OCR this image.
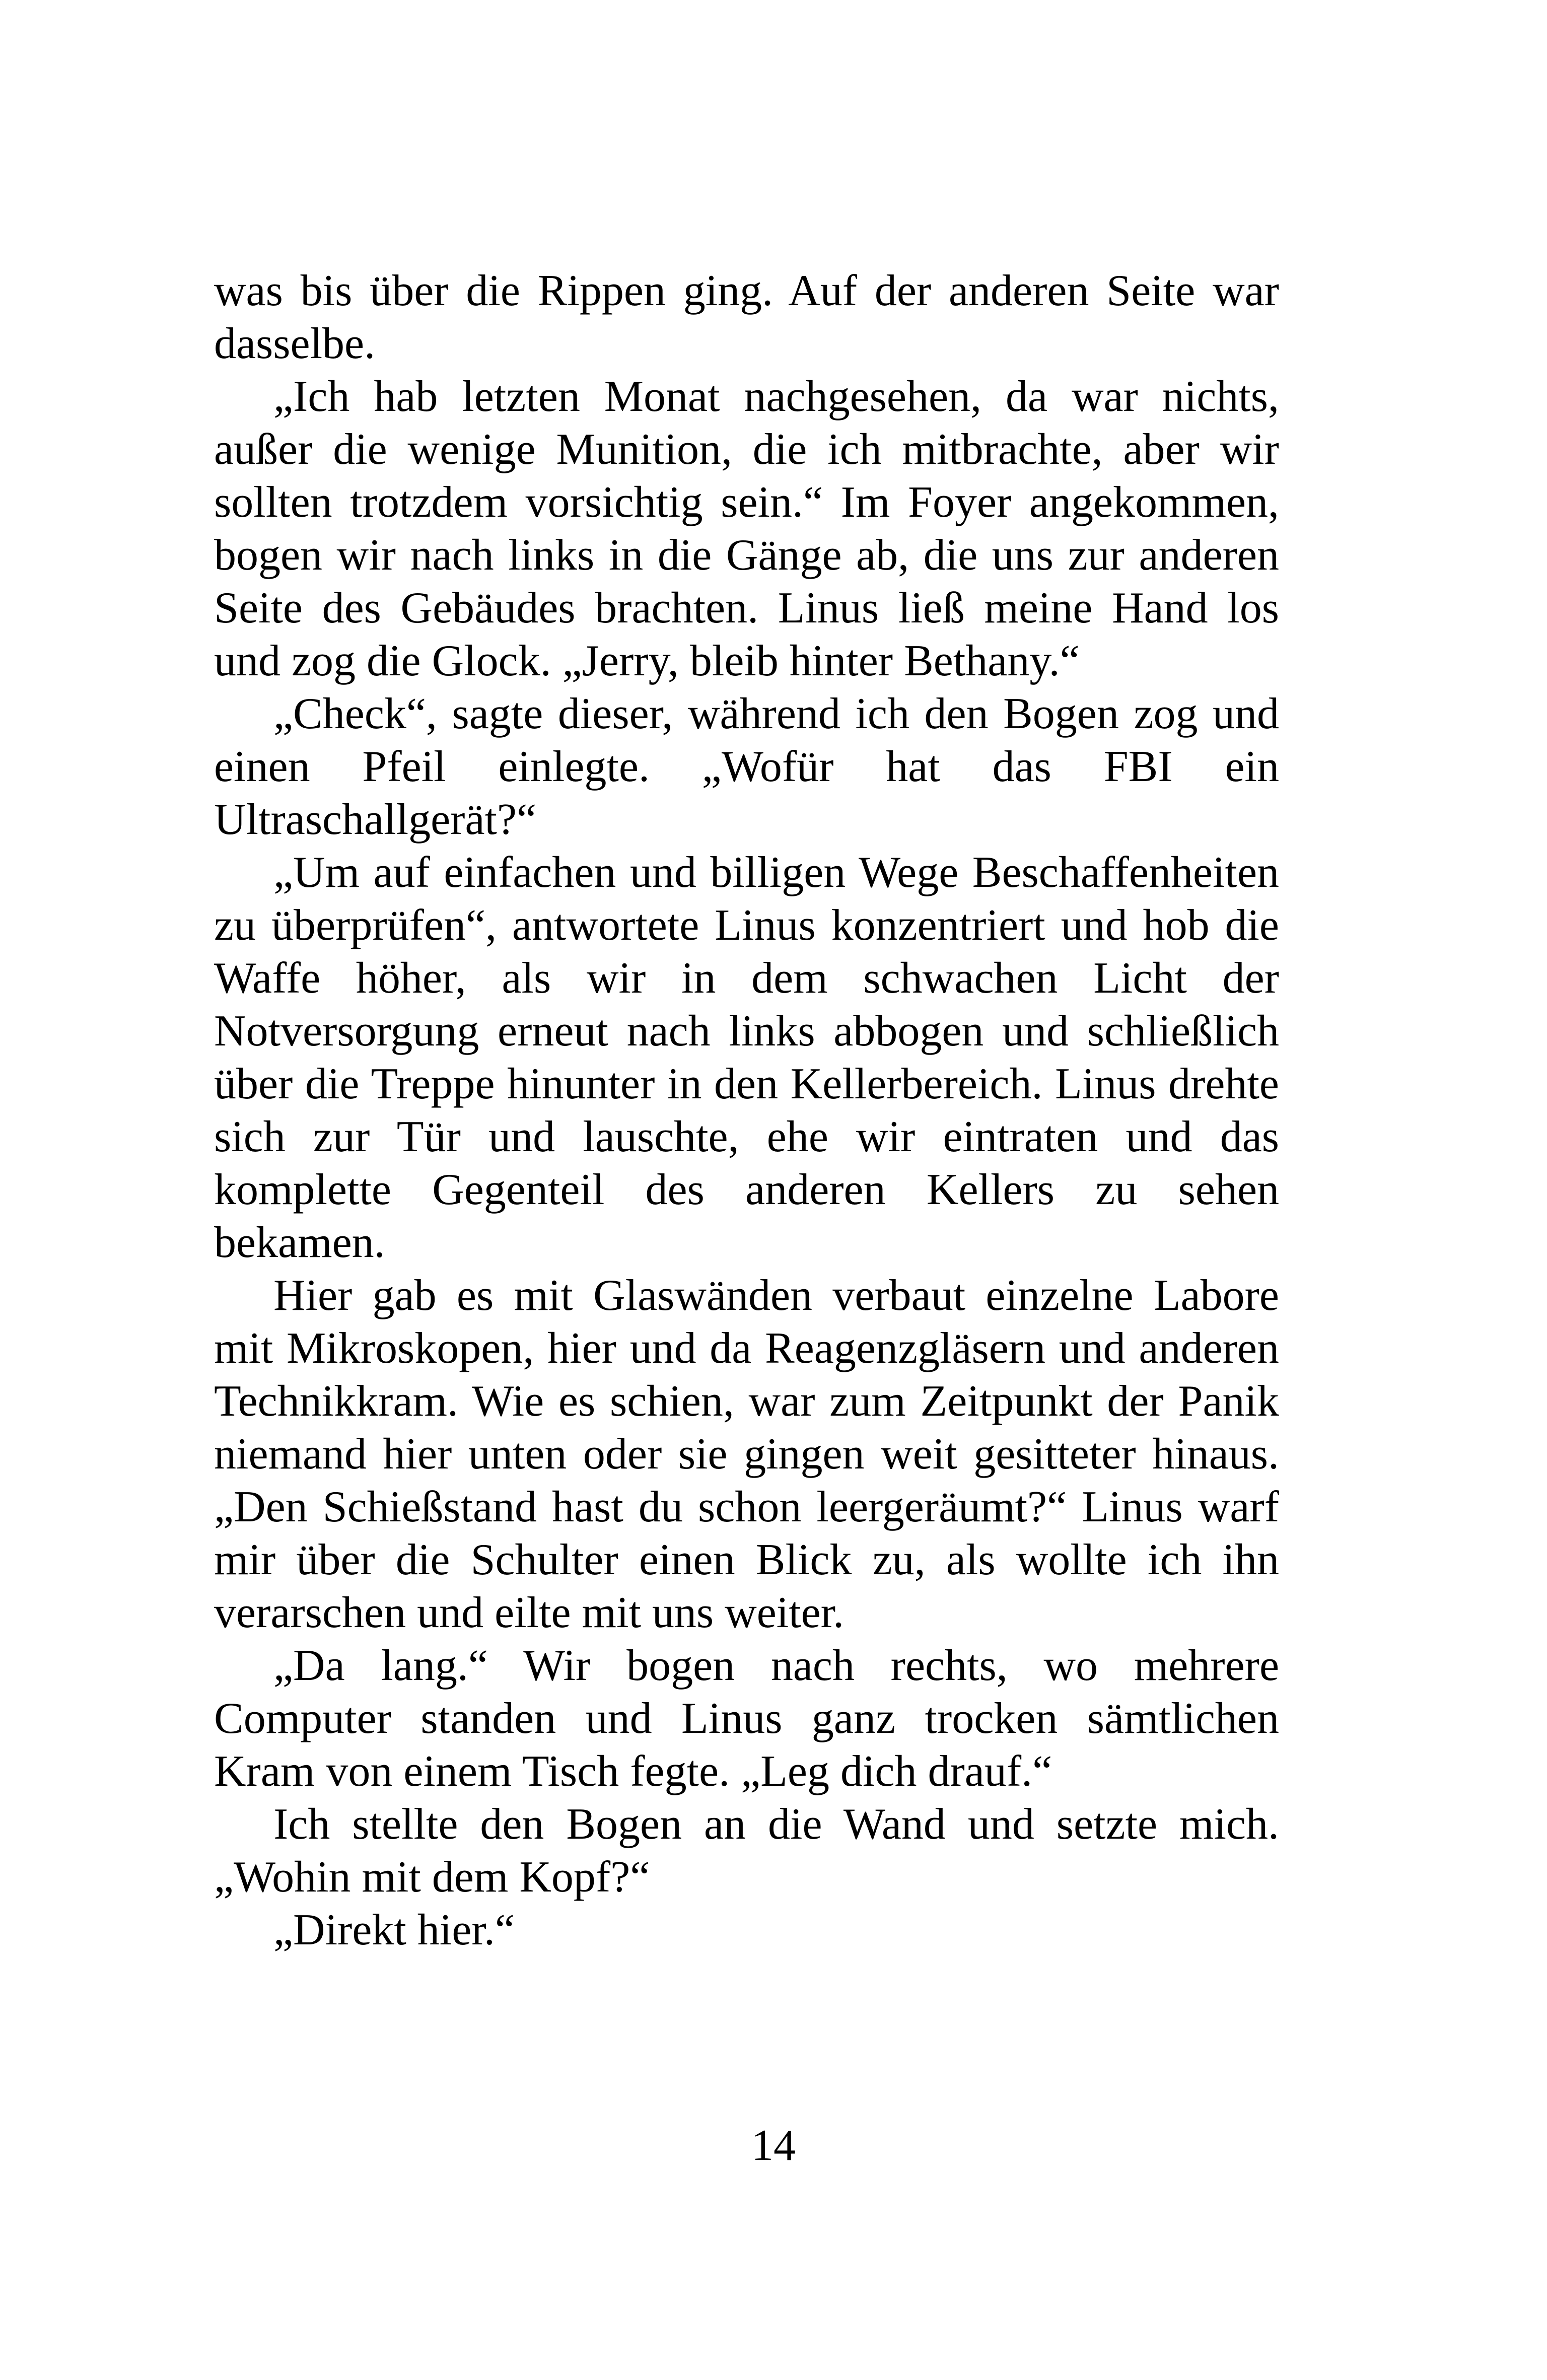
was bis über die Rippen ging. Auf der anderen Seite war dasselbe.

„Ich hab letzten Monat nachgesehen, da war nichts, außer die wenige Munition, die ich mitbrachte, aber wir sollten trotzdem vorsichtig sein.“ Im Foyer angekommen, bogen wir nach links in die Gänge ab, die uns zur anderen Seite des Gebäudes brachten. Linus ließ meine Hand los und zog die Glock. „Jerry, bleib hinter Bethany.“

„Check“, sagte dieser, während ich den Bogen zog und einen Pfeil einlegte. „Wofür hat das FBI ein Ultraschallgerät?“

„Um auf einfachen und billigen Wege Beschaffenheiten zu überprüfen“, antwortete Linus konzentriert und hob die Waffe höher, als wir in dem schwachen Licht der Notversorgung erneut nach links abbogen und schließlich über die Treppe hinunter in den Kellerbereich. Linus drehte sich zur Tür und lauschte, ehe wir eintraten und das komplette Gegenteil des anderen Kellers zu sehen bekamen.

Hier gab es mit Glaswänden verbaut einzelne Labore mit Mikroskopen, hier und da Reagenzgläsern und anderen Technikkram. Wie es schien, war zum Zeitpunkt der Panik niemand hier unten oder sie gingen weit gesitteter hinaus. „Den Schießstand hast du schon leergeräumt?“ Linus warf mir über die Schulter einen Blick zu, als wollte ich ihn verarschen und eilte mit uns weiter.

„Da lang.“ Wir bogen nach rechts, wo mehrere Computer standen und Linus ganz trocken sämtlichen Kram von einem Tisch fegte. „Leg dich drauf.“

Ich stellte den Bogen an die Wand und setzte mich. „Wohin mit dem Kopf?“

„Direkt hier.“

14
